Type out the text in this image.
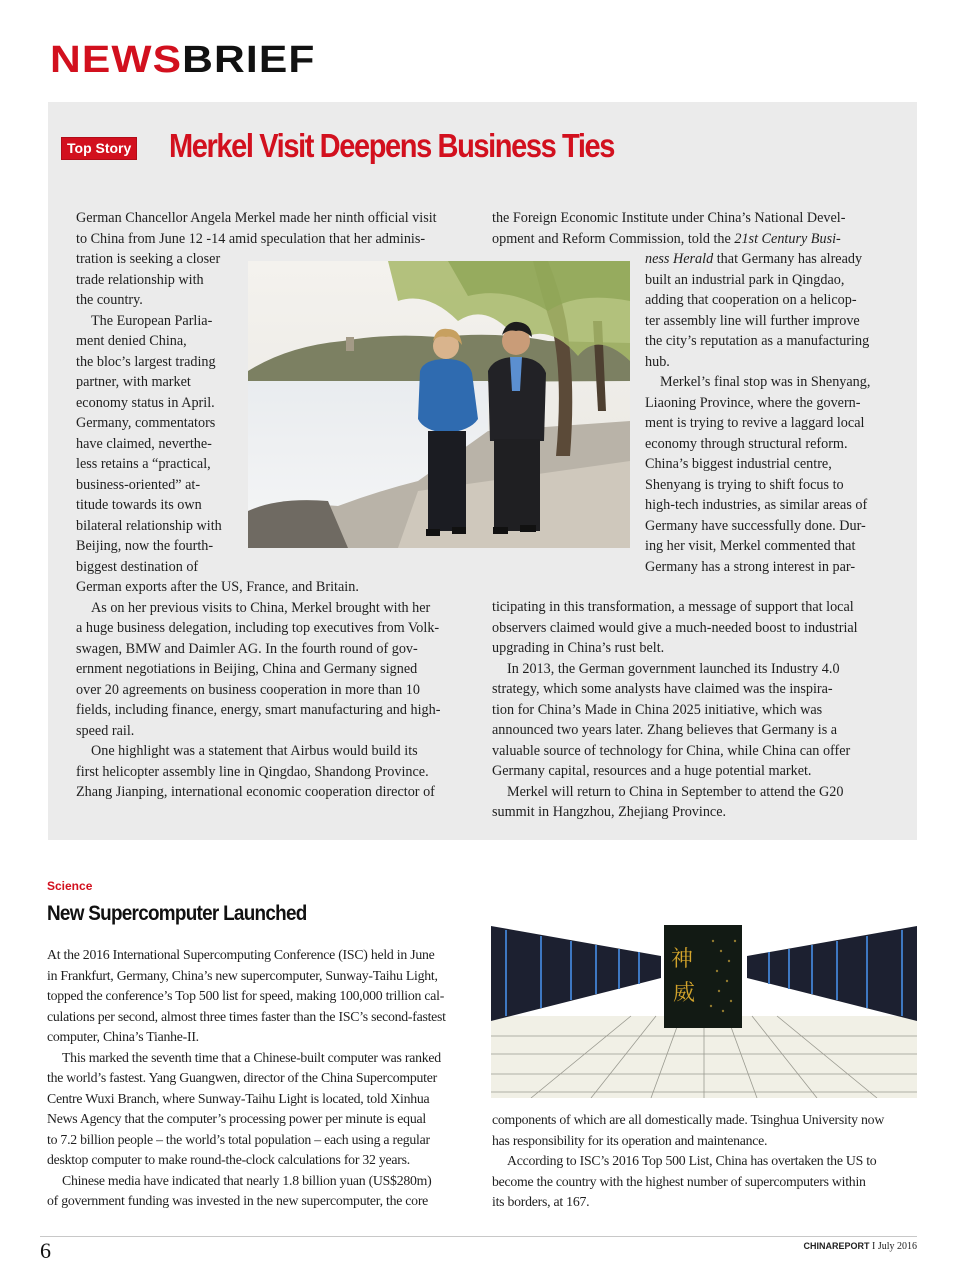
NEWSBRIEF
Top Story Merkel Visit Deepens Business Ties
German Chancellor Angela Merkel made her ninth official visit
to China from June 12 -14 amid speculation that her adminis-
tration is seeking a closer
trade relationship with
the country.
The European Parlia-
ment denied China,
the bloc’s largest trading
partner, with market
economy status in April.
Germany, commentators
have claimed, neverthe-
less retains a “practical,
business-oriented” at-
titude towards its own
bilateral relationship with
Beijing, now the fourth-
biggest destination of
German exports after the US, France, and Britain.
As on her previous visits to China, Merkel brought with her
a huge business delegation, including top executives from Volk-
swagen, BMW and Daimler AG. In the fourth round of gov-
ernment negotiations in Beijing, China and Germany signed
over 20 agreements on business cooperation in more than 10
fields, including finance, energy, smart manufacturing and high-
speed rail.
One highlight was a statement that Airbus would build its
first helicopter assembly line in Qingdao, Shandong Province.
Zhang Jianping, international economic cooperation director of
the Foreign Economic Institute under China’s National Devel-
opment and Reform Commission, told the 21st Century Busi-
ness Herald that Germany has already
built an industrial park in Qingdao,
adding that cooperation on a helicop-
ter assembly line will further improve
the city’s reputation as a manufacturing
hub.
Merkel’s final stop was in Shenyang,
Liaoning Province, where the govern-
ment is trying to revive a laggard local
economy through structural reform.
China’s biggest industrial centre,
Shenyang is trying to shift focus to
high-tech industries, as similar areas of
Germany have successfully done. Dur-
ing her visit, Merkel commented that
Germany has a strong interest in par-
ticipating in this transformation, a message of support that local
observers claimed would give a much-needed boost to industrial
upgrading in China’s rust belt.
In 2013, the German government launched its Industry 4.0
strategy, which some analysts have claimed was the inspira-
tion for China’s Made in China 2025 initiative, which was
announced two years later. Zhang believes that Germany is a
valuable source of technology for China, while China can offer
Germany capital, resources and a huge potential market.
Merkel will return to China in September to attend the G20
summit in Hangzhou, Zhejiang Province.
Science
New Supercomputer Launched
At the 2016 International Supercomputing Conference (ISC) held in June
in Frankfurt, Germany, China’s new supercomputer, Sunway-Taihu Light,
topped the conference’s Top 500 list for speed, making 100,000 trillion cal-
culations per second, almost three times faster than the ISC’s second-fastest
computer, China’s Tianhe-II.
This marked the seventh time that a Chinese-built computer was ranked
the world’s fastest. Yang Guangwen, director of the China Supercomputer
Centre Wuxi Branch, where Sunway-Taihu Light is located, told Xinhua
News Agency that the computer’s processing power per minute is equal
to 7.2 billion people – the world’s total population – each using a regular
desktop computer to make round-the-clock calculations for 32 years.
Chinese media have indicated that nearly 1.8 billion yuan (US$280m)
of government funding was invested in the new supercomputer, the core
神
威
components of which are all domestically made. Tsinghua University now
has responsibility for its operation and maintenance.
According to ISC’s 2016 Top 500 List, China has overtaken the US to
become the country with the highest number of supercomputers within
its borders, at 167.
6	CHINAREPORT I July 2016
